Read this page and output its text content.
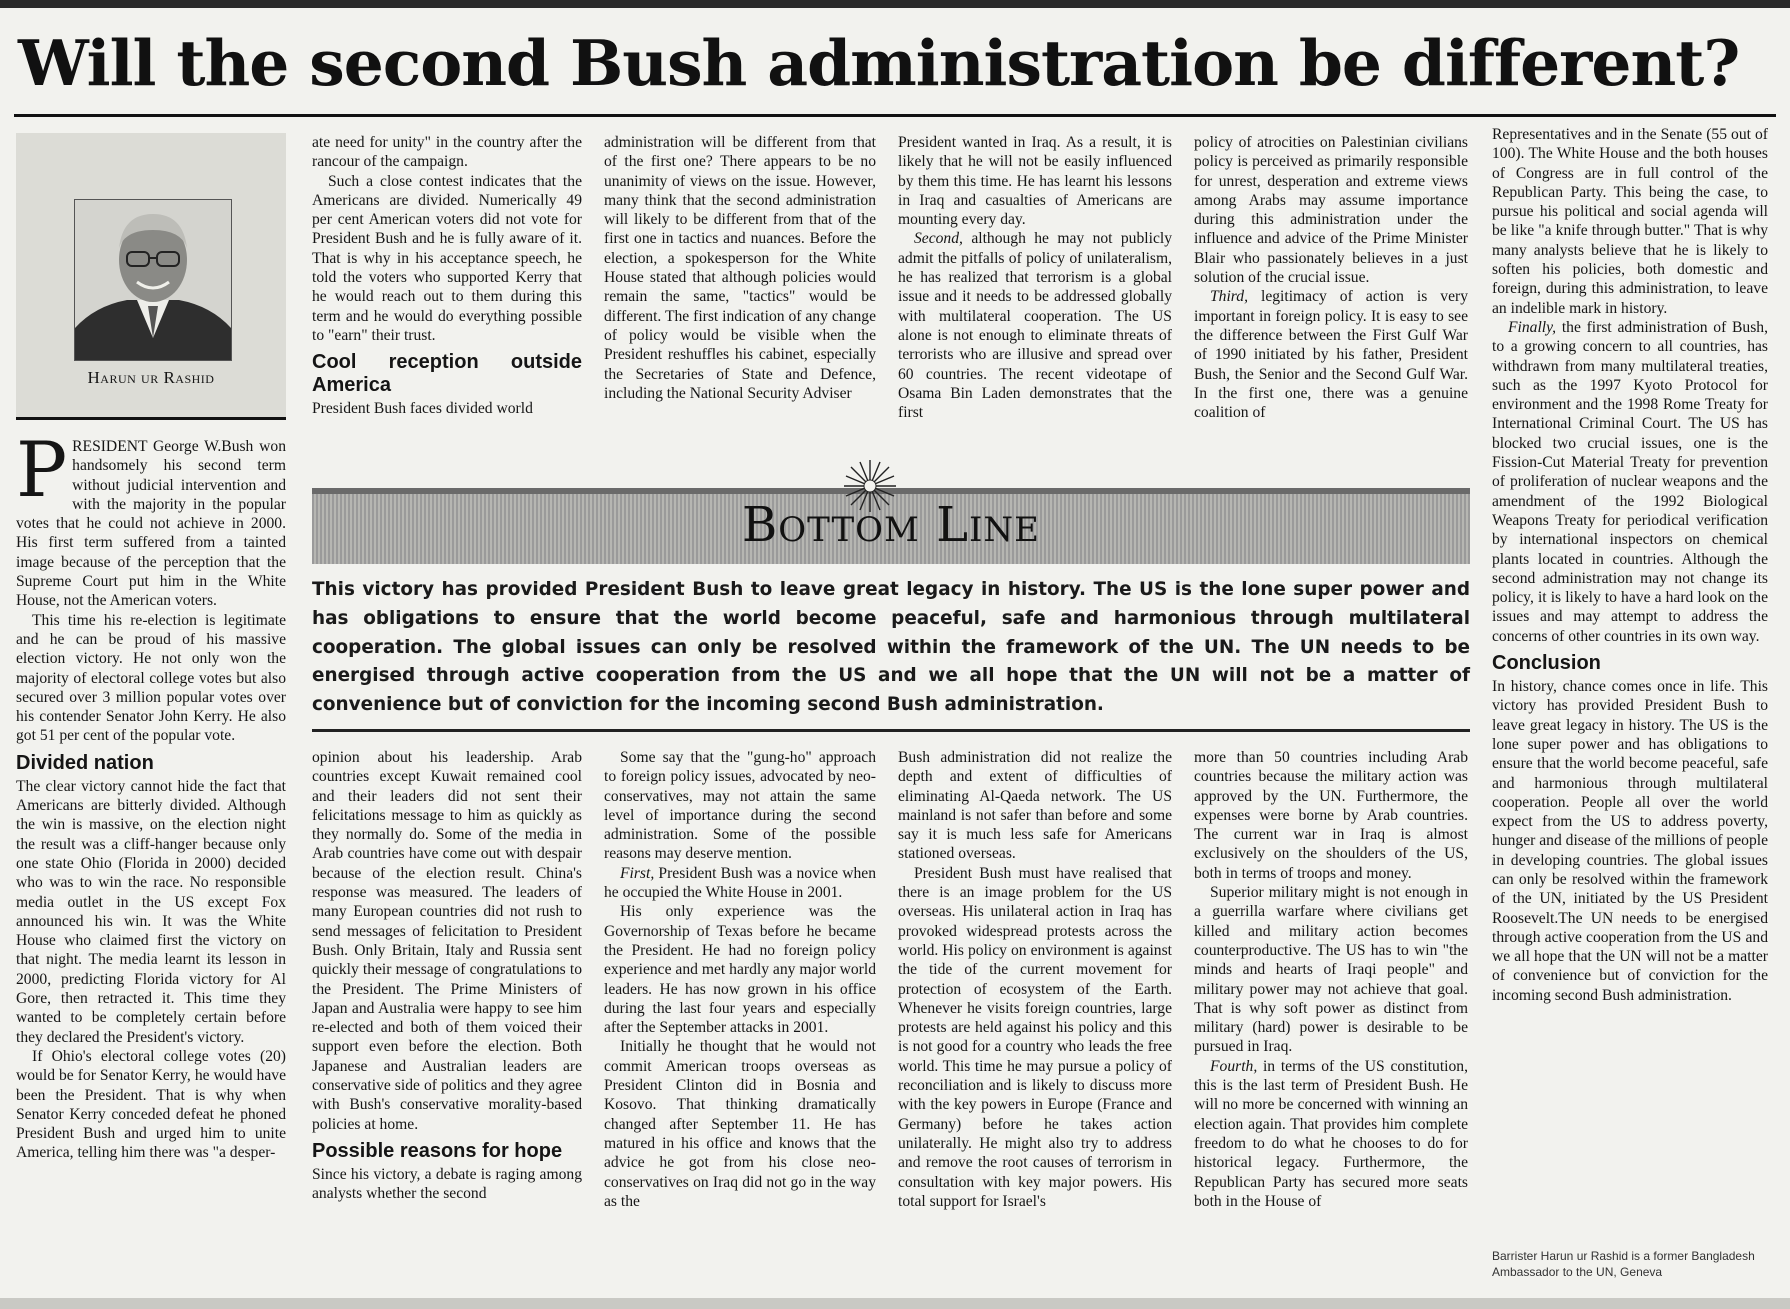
Will the second Bush administration be different?
Harun ur Rashid

PRESIDENT George W.Bush won handsomely his second term without judicial intervention and with the majority in the popular votes that he could not achieve in 2000. His first term suffered from a tainted image because of the perception that the Supreme Court put him in the White House, not the American voters.

This time his re-election is legitimate and he can be proud of his massive election victory. He not only won the majority of electoral college votes but also secured over 3 million popular votes over his contender Senator John Kerry. He also got 51 per cent of the popular vote.

Divided nation

The clear victory cannot hide the fact that Americans are bitterly divided. Although the win is massive, on the election night the result was a cliff-hanger because only one state Ohio (Florida in 2000) decided who was to win the race. No responsible media outlet in the US except Fox announced his win. It was the White House who claimed first the victory on that night. The media learnt its lesson in 2000, predicting Florida victory for Al Gore, then retracted it. This time they wanted to be completely certain before they declared the President's victory.

If Ohio's electoral college votes (20) would be for Senator Kerry, he would have been the President. That is why when Senator Kerry conceded defeat he phoned President Bush and urged him to unite America, telling him there was "a desper-

ate need for unity" in the country after the rancour of the campaign.

Such a close contest indicates that the Americans are divided. Numerically 49 per cent American voters did not vote for President Bush and he is fully aware of it. That is why in his acceptance speech, he told the voters who supported Kerry that he would reach out to them during this term and he would do everything possible to "earn" their trust.

Cool reception outside America

President Bush faces divided world

administration will be different from that of the first one? There appears to be no unanimity of views on the issue. However, many think that the second administration will likely to be different from that of the first one in tactics and nuances. Before the election, a spokesperson for the White House stated that although policies would remain the same, "tactics" would be different. The first indication of any change of policy would be visible when the President reshuffles his cabinet, especially the Secretaries of State and Defence, including the National Security Adviser

President wanted in Iraq. As a result, it is likely that he will not be easily influenced by them this time. He has learnt his lessons in Iraq and casualties of Americans are mounting every day.

Second, although he may not publicly admit the pitfalls of policy of unilateralism, he has realized that terrorism is a global issue and it needs to be addressed globally with multilateral cooperation. The US alone is not enough to eliminate threats of terrorists who are illusive and spread over 60 countries. The recent videotape of Osama Bin Laden demonstrates that the first

policy of atrocities on Palestinian civilians policy is perceived as primarily responsible for unrest, desperation and extreme views among Arabs may assume importance during this administration under the influence and advice of the Prime Minister Blair who passionately believes in a just solution of the crucial issue.

Third, legitimacy of action is very important in foreign policy. It is easy to see the difference between the First Gulf War of 1990 initiated by his father, President Bush, the Senior and the Second Gulf War. In the first one, there was a genuine coalition of

Representatives and in the Senate (55 out of 100). The White House and the both houses of Congress are in full control of the Republican Party. This being the case, to pursue his political and social agenda will be like "a knife through butter." That is why many analysts believe that he is likely to soften his policies, both domestic and foreign, during this administration, to leave an indelible mark in history.

Finally, the first administration of Bush, to a growing concern to all countries, has withdrawn from many multilateral treaties, such as the 1997 Kyoto Protocol for environment and the 1998 Rome Treaty for International Criminal Court. The US has blocked two crucial issues, one is the Fission-Cut Material Treaty for prevention of proliferation of nuclear weapons and the amendment of the 1992 Biological Weapons Treaty for periodical verification by international inspectors on chemical plants located in countries. Although the second administration may not change its policy, it is likely to have a hard look on the issues and may attempt to address the concerns of other countries in its own way.

Conclusion

In history, chance comes once in life. This victory has provided President Bush to leave great legacy in history. The US is the lone super power and has obligations to ensure that the world become peaceful, safe and harmonious through multilateral cooperation. People all over the world expect from the US to address poverty, hunger and disease of the millions of people in developing countries. The global issues can only be resolved within the framework of the UN, initiated by the US President Roosevelt.The UN needs to be energised through active cooperation from the US and we all hope that the UN will not be a matter of convenience but of conviction for the incoming second Bush administration.

Barrister Harun ur Rashid is a former Bangladesh Ambassador to the UN, Geneva
Bottom Line
This victory has provided President Bush to leave great legacy in history. The US is the lone super power and has obligations to ensure that the world become peaceful, safe and harmonious through multilateral cooperation. The global issues can only be resolved within the framework of the UN. The UN needs to be energised through active cooperation from the US and we all hope that the UN will not be a matter of convenience but of conviction for the incoming second Bush administration.

opinion about his leadership. Arab countries except Kuwait remained cool and their leaders did not sent their felicitations message to him as quickly as they normally do. Some of the media in Arab countries have come out with despair because of the election result. China's response was measured. The leaders of many European countries did not rush to send messages of felicitation to President Bush. Only Britain, Italy and Russia sent quickly their message of congratulations to the President. The Prime Ministers of Japan and Australia were happy to see him re-elected and both of them voiced their support even before the election. Both Japanese and Australian leaders are conservative side of politics and they agree with Bush's conservative morality-based policies at home.

Possible reasons for hope

Since his victory, a debate is raging among analysts whether the second

Some say that the "gung-ho" approach to foreign policy issues, advocated by neo-conservatives, may not attain the same level of importance during the second administration. Some of the possible reasons may deserve mention.

First, President Bush was a novice when he occupied the White House in 2001.

His only experience was the Governorship of Texas before he became the President. He had no foreign policy experience and met hardly any major world leaders. He has now grown in his office during the last four years and especially after the September attacks in 2001.

Initially he thought that he would not commit American troops overseas as President Clinton did in Bosnia and Kosovo. That thinking dramatically changed after September 11. He has matured in his office and knows that the advice he got from his close neo-conservatives on Iraq did not go in the way as the

Bush administration did not realize the depth and extent of difficulties of eliminating Al-Qaeda network. The US mainland is not safer than before and some say it is much less safe for Americans stationed overseas.

President Bush must have realised that there is an image problem for the US overseas. His unilateral action in Iraq has provoked widespread protests across the world. His policy on environment is against the tide of the current movement for protection of ecosystem of the Earth. Whenever he visits foreign countries, large protests are held against his policy and this is not good for a country who leads the free world. This time he may pursue a policy of reconciliation and is likely to discuss more with the key powers in Europe (France and Germany) before he takes action unilaterally. He might also try to address and remove the root causes of terrorism in consultation with key major powers. His total support for Israel's

more than 50 countries including Arab countries because the military action was approved by the UN. Furthermore, the expenses were borne by Arab countries. The current war in Iraq is almost exclusively on the shoulders of the US, both in terms of troops and money.

Superior military might is not enough in a guerrilla warfare where civilians get killed and military action becomes counterproductive. The US has to win "the minds and hearts of Iraqi people" and military power may not achieve that goal. That is why soft power as distinct from military (hard) power is desirable to be pursued in Iraq.

Fourth, in terms of the US constitution, this is the last term of President Bush. He will no more be concerned with winning an election again. That provides him complete freedom to do what he chooses to do for historical legacy. Furthermore, the Republican Party has secured more seats both in the House of
